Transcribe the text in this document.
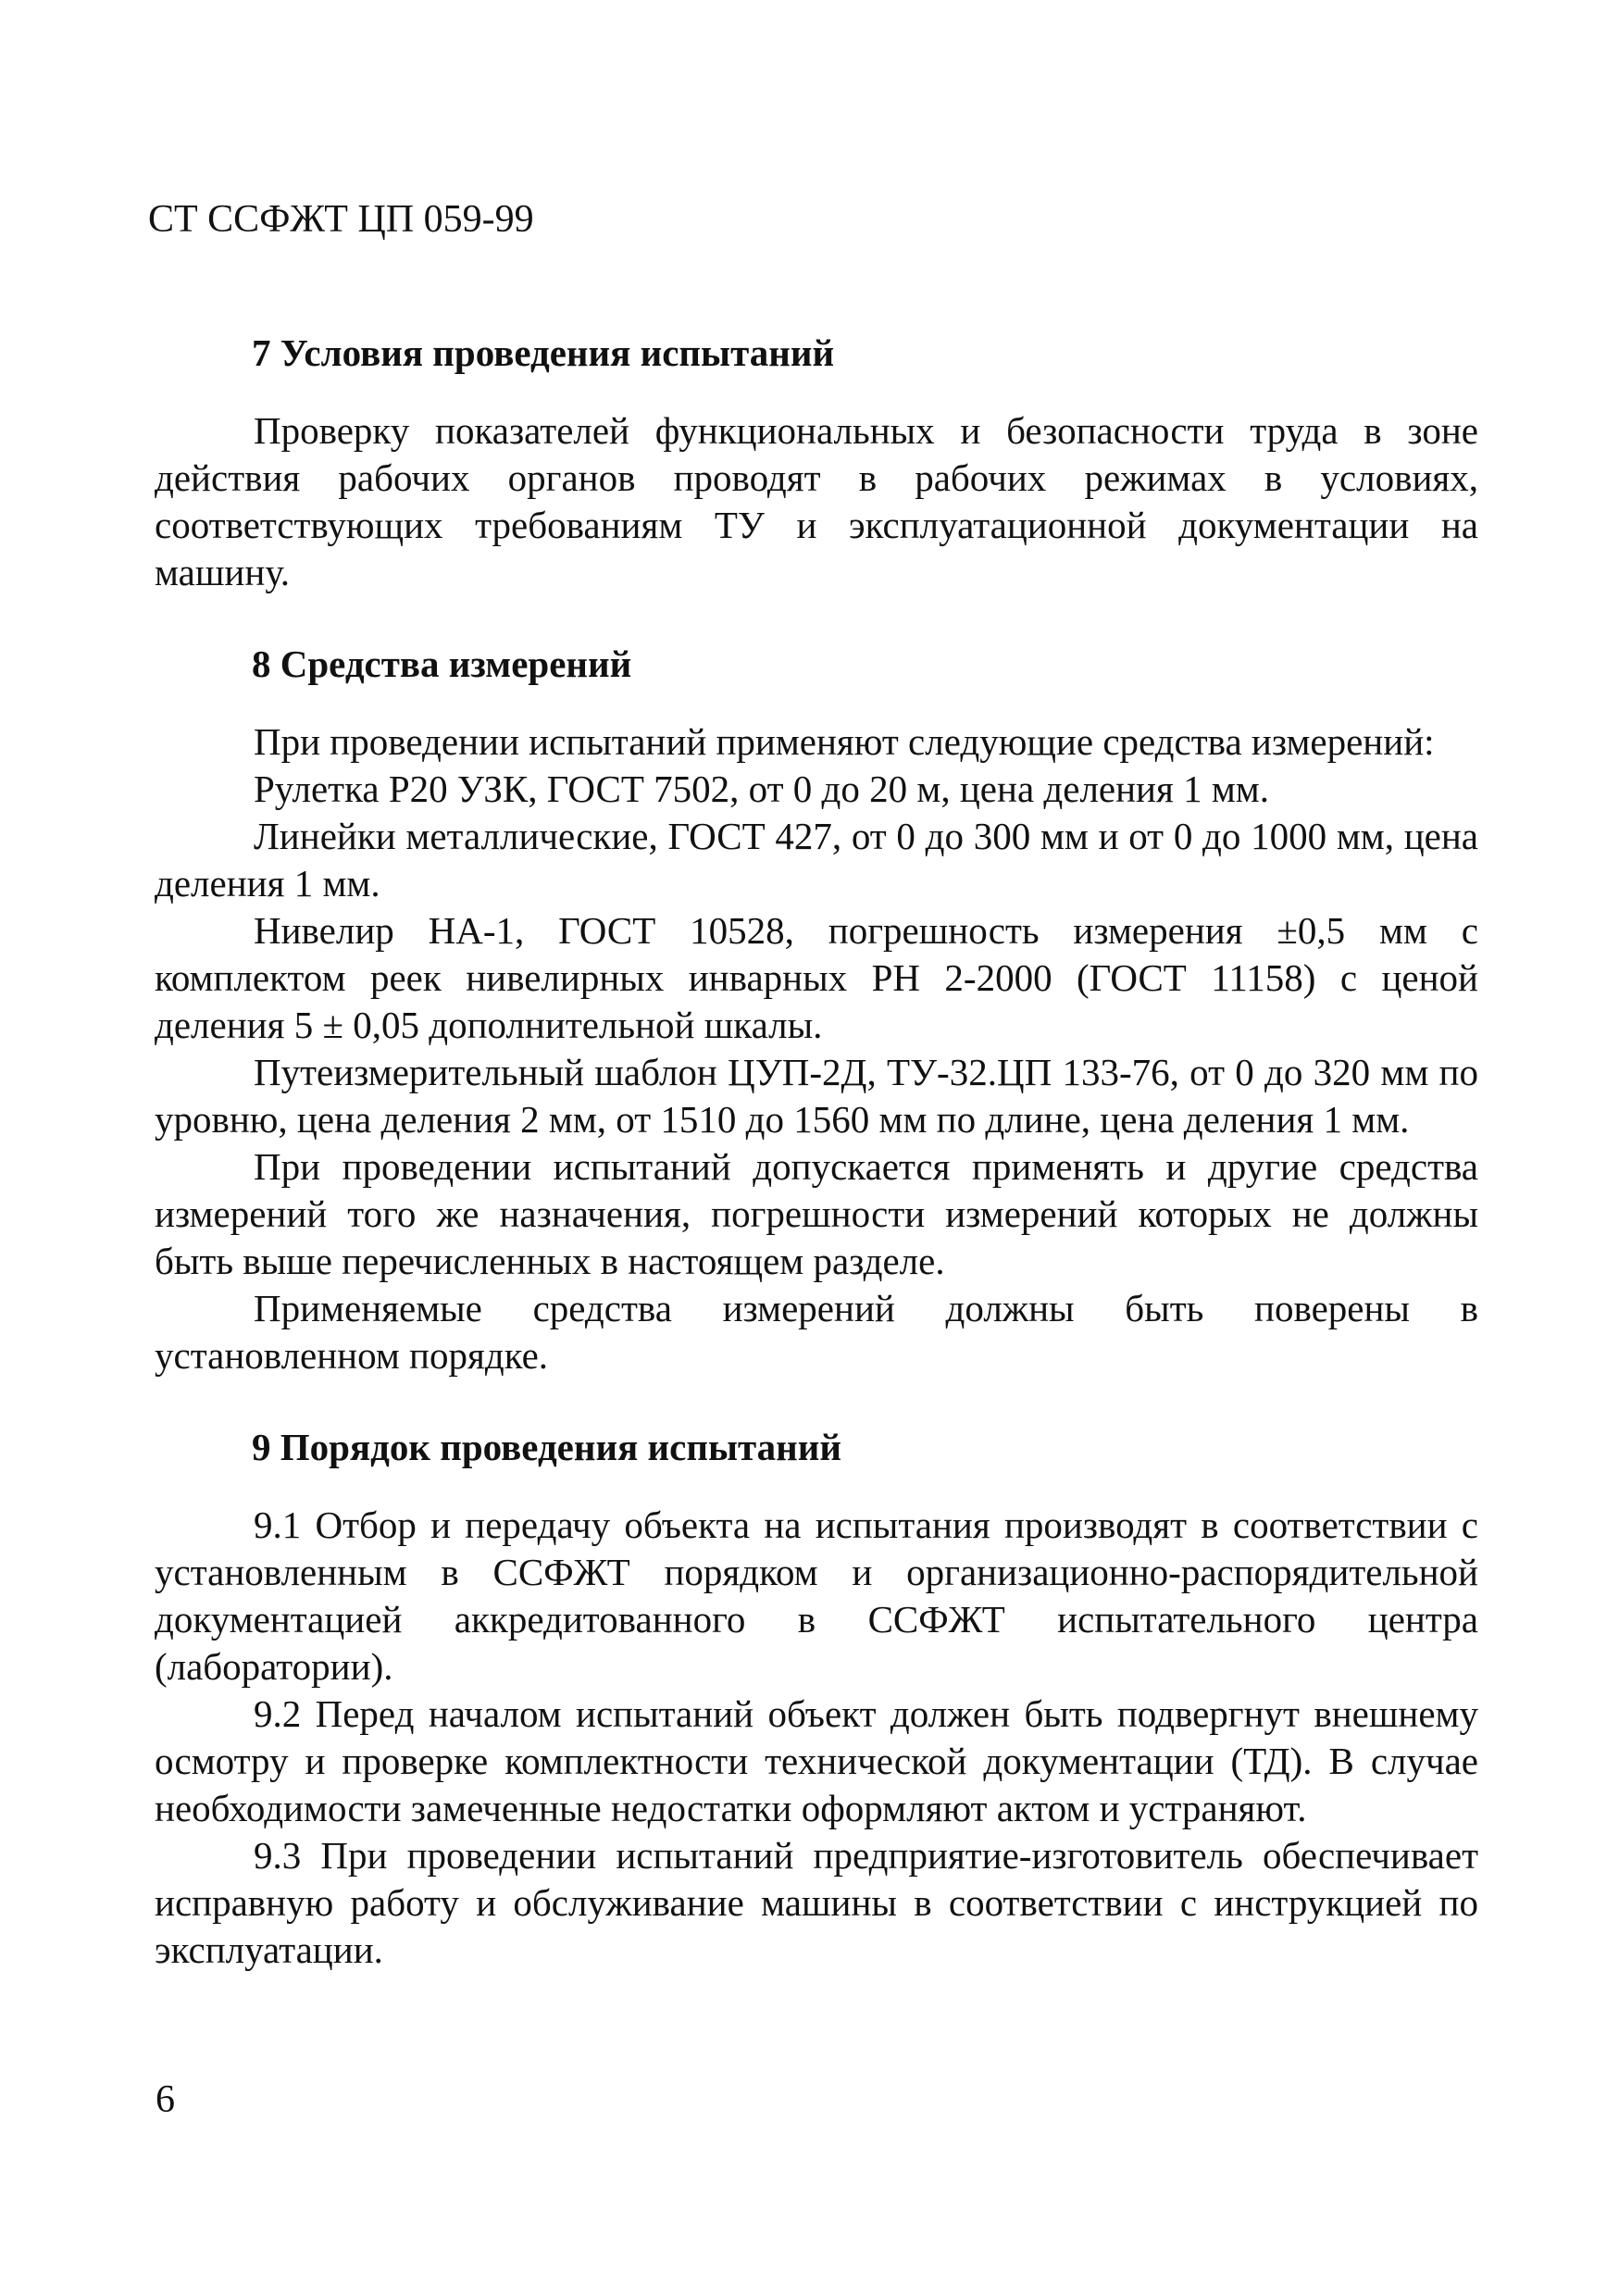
СТ ССФЖТ ЦП 059-99

7 Условия проведения испытаний

Проверку показателей функциональных и безопасности труда в зоне действия рабочих органов проводят в рабочих режимах в условиях, соответствующих требованиям ТУ и эксплуатационной документации на машину.

8 Средства измерений

При проведении испытаний применяют следующие средства измерений:

Рулетка Р20 УЗК, ГОСТ 7502, от 0 до 20 м, цена деления 1 мм.

Линейки металлические, ГОСТ 427, от 0 до 300 мм и от 0 до 1000 мм, цена деления 1 мм.

Нивелир НА-1, ГОСТ 10528, погрешность измерения ±0,5 мм с комплектом реек нивелирных инварных РН 2-2000 (ГОСТ 11158) с ценой деления 5 ± 0,05 дополнительной шкалы.

Путеизмерительный шаблон ЦУП-2Д, ТУ-32.ЦП 133-76, от 0 до 320 мм по уровню, цена деления 2 мм, от 1510 до 1560 мм по длине, цена деления 1 мм.

При проведении испытаний допускается применять и другие средства измерений того же назначения, погрешности измерений которых не должны быть выше перечисленных в настоящем разделе.

Применяемые средства измерений должны быть поверены в установленном порядке.

9 Порядок проведения испытаний

9.1 Отбор и передачу объекта на испытания производят в соответствии с установленным в ССФЖТ порядком и организационно-распорядительной документацией аккредитованного в ССФЖТ испытательного центра (лаборатории).

9.2 Перед началом испытаний объект должен быть подвергнут внешнему осмотру и проверке комплектности технической документации (ТД). В случае необходимости замеченные недостатки оформляют актом и устраняют.

9.3 При проведении испытаний предприятие-изготовитель обеспечивает исправную работу и обслуживание машины в соответствии с инструкцией по эксплуатации.

6
